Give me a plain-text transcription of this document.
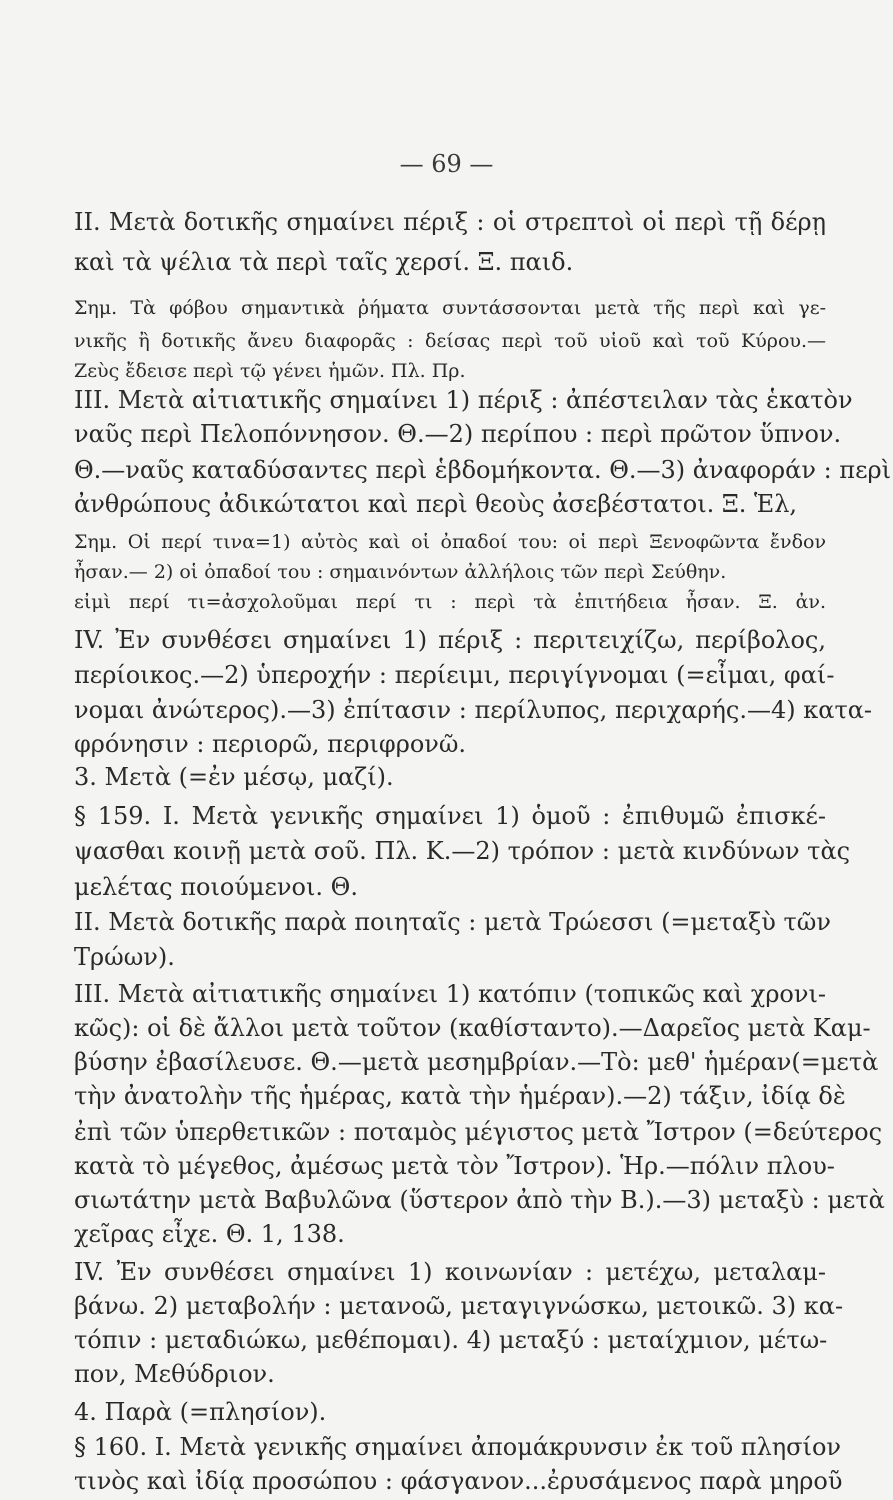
— 69 —
II. Μετὰ δοτικῆς σημαίνει πέριξ : οἱ στρεπτοὶ οἱ περὶ τῇ δέρῃ
καὶ τὰ ψέλια τὰ περὶ ταῖς χερσί. Ξ. παιδ.
Σημ. Τὰ φόβου σημαντικὰ ῥήματα συντάσσονται μετὰ τῆς περὶ καὶ γε-
νικῆς ἢ δοτικῆς ἄνευ διαφορᾶς : δείσας περὶ τοῦ υἱοῦ καὶ τοῦ Κύρου.—
Ζεὺς ἔδεισε περὶ τῷ γένει ἡμῶν. Πλ. Πρ.
III. Μετὰ αἰτιατικῆς σημαίνει 1) πέριξ : ἀπέστειλαν τὰς ἑκατὸν
ναῦς περὶ Πελοπόννησον. Θ.—2) περίπου : περὶ πρῶτον ὕπνον.
Θ.—ναῦς καταδύσαντες περὶ ἑβδομήκοντα. Θ.—3) ἀναφοράν : περὶ
ἀνθρώπους ἀδικώτατοι καὶ περὶ θεοὺς ἀσεβέστατοι. Ξ. Ἑλ,
Σημ. Οἱ περί τινα=1) αὐτὸς καὶ οἱ ὀπαδοί του: οἱ περὶ Ξενοφῶντα ἔνδον
ἦσαν.— 2) οἱ ὀπαδοί του : σημαινόντων ἀλλήλοις τῶν περὶ Σεύθην.
εἰμὶ περί τι=ἀσχολοῦμαι περί τι : περὶ τὰ ἐπιτήδεια ἦσαν. Ξ. ἀν.
IV. Ἐν συνθέσει σημαίνει 1) πέριξ : περιτειχίζω, περίβολος,
περίοικος.—2) ὑπεροχήν : περίειμι, περιγίγνομαι (=εἶμαι, φαί-
νομαι ἀνώτερος).—3) ἐπίτασιν : περίλυπος, περιχαρής.—4) κατα-
φρόνησιν : περιορῶ, περιφρονῶ.
3. Μετὰ (=ἐν μέσῳ, μαζί).
§ 159. I. Μετὰ γενικῆς σημαίνει 1) ὁμοῦ : ἐπιθυμῶ ἐπισκέ-
ψασθαι κοινῇ μετὰ σοῦ. Πλ. Κ.—2) τρόπον : μετὰ κινδύνων τὰς
μελέτας ποιούμενοι. Θ.
II. Μετὰ δοτικῆς παρὰ ποιηταῖς : μετὰ Τρώεσσι (=μεταξὺ τῶν
Τρώων).
III. Μετὰ αἰτιατικῆς σημαίνει 1) κατόπιν (τοπικῶς καὶ χρονι-
κῶς): οἱ δὲ ἄλλοι μετὰ τοῦτον (καθίσταντο).—Δαρεῖος μετὰ Καμ-
βύσην ἐβασίλευσε. Θ.—μετὰ μεσημβρίαν.—Τὸ: μεθ' ἡμέραν(=μετὰ
τὴν ἀνατολὴν τῆς ἡμέρας, κατὰ τὴν ἡμέραν).—2) τάξιν, ἰδίᾳ δὲ
ἐπὶ τῶν ὑπερθετικῶν : ποταμὸς μέγιστος μετὰ Ἴστρον (=δεύτερος
κατὰ τὸ μέγεθος, ἀμέσως μετὰ τὸν Ἴστρον). Ἡρ.—πόλιν πλου-
σιωτάτην μετὰ Βαβυλῶνα (ὕστερον ἀπὸ τὴν Β.).—3) μεταξὺ : μετὰ
χεῖρας εἶχε. Θ. 1, 138.
IV. Ἐν συνθέσει σημαίνει 1) κοινωνίαν : μετέχω, μεταλαμ-
βάνω. 2) μεταβολήν : μετανοῶ, μεταγιγνώσκω, μετοικῶ. 3) κα-
τόπιν : μεταδιώκω, μεθέπομαι). 4) μεταξύ : μεταίχμιον, μέτω-
πον, Μεθύδριον.
4. Παρὰ (=πλησίον).
§ 160. I. Μετὰ γενικῆς σημαίνει ἀπομάκρυνσιν ἐκ τοῦ πλησίον
τινὸς καὶ ἰδίᾳ προσώπου : φάσγανον...ἐρυσάμενος παρὰ μηροῦ
